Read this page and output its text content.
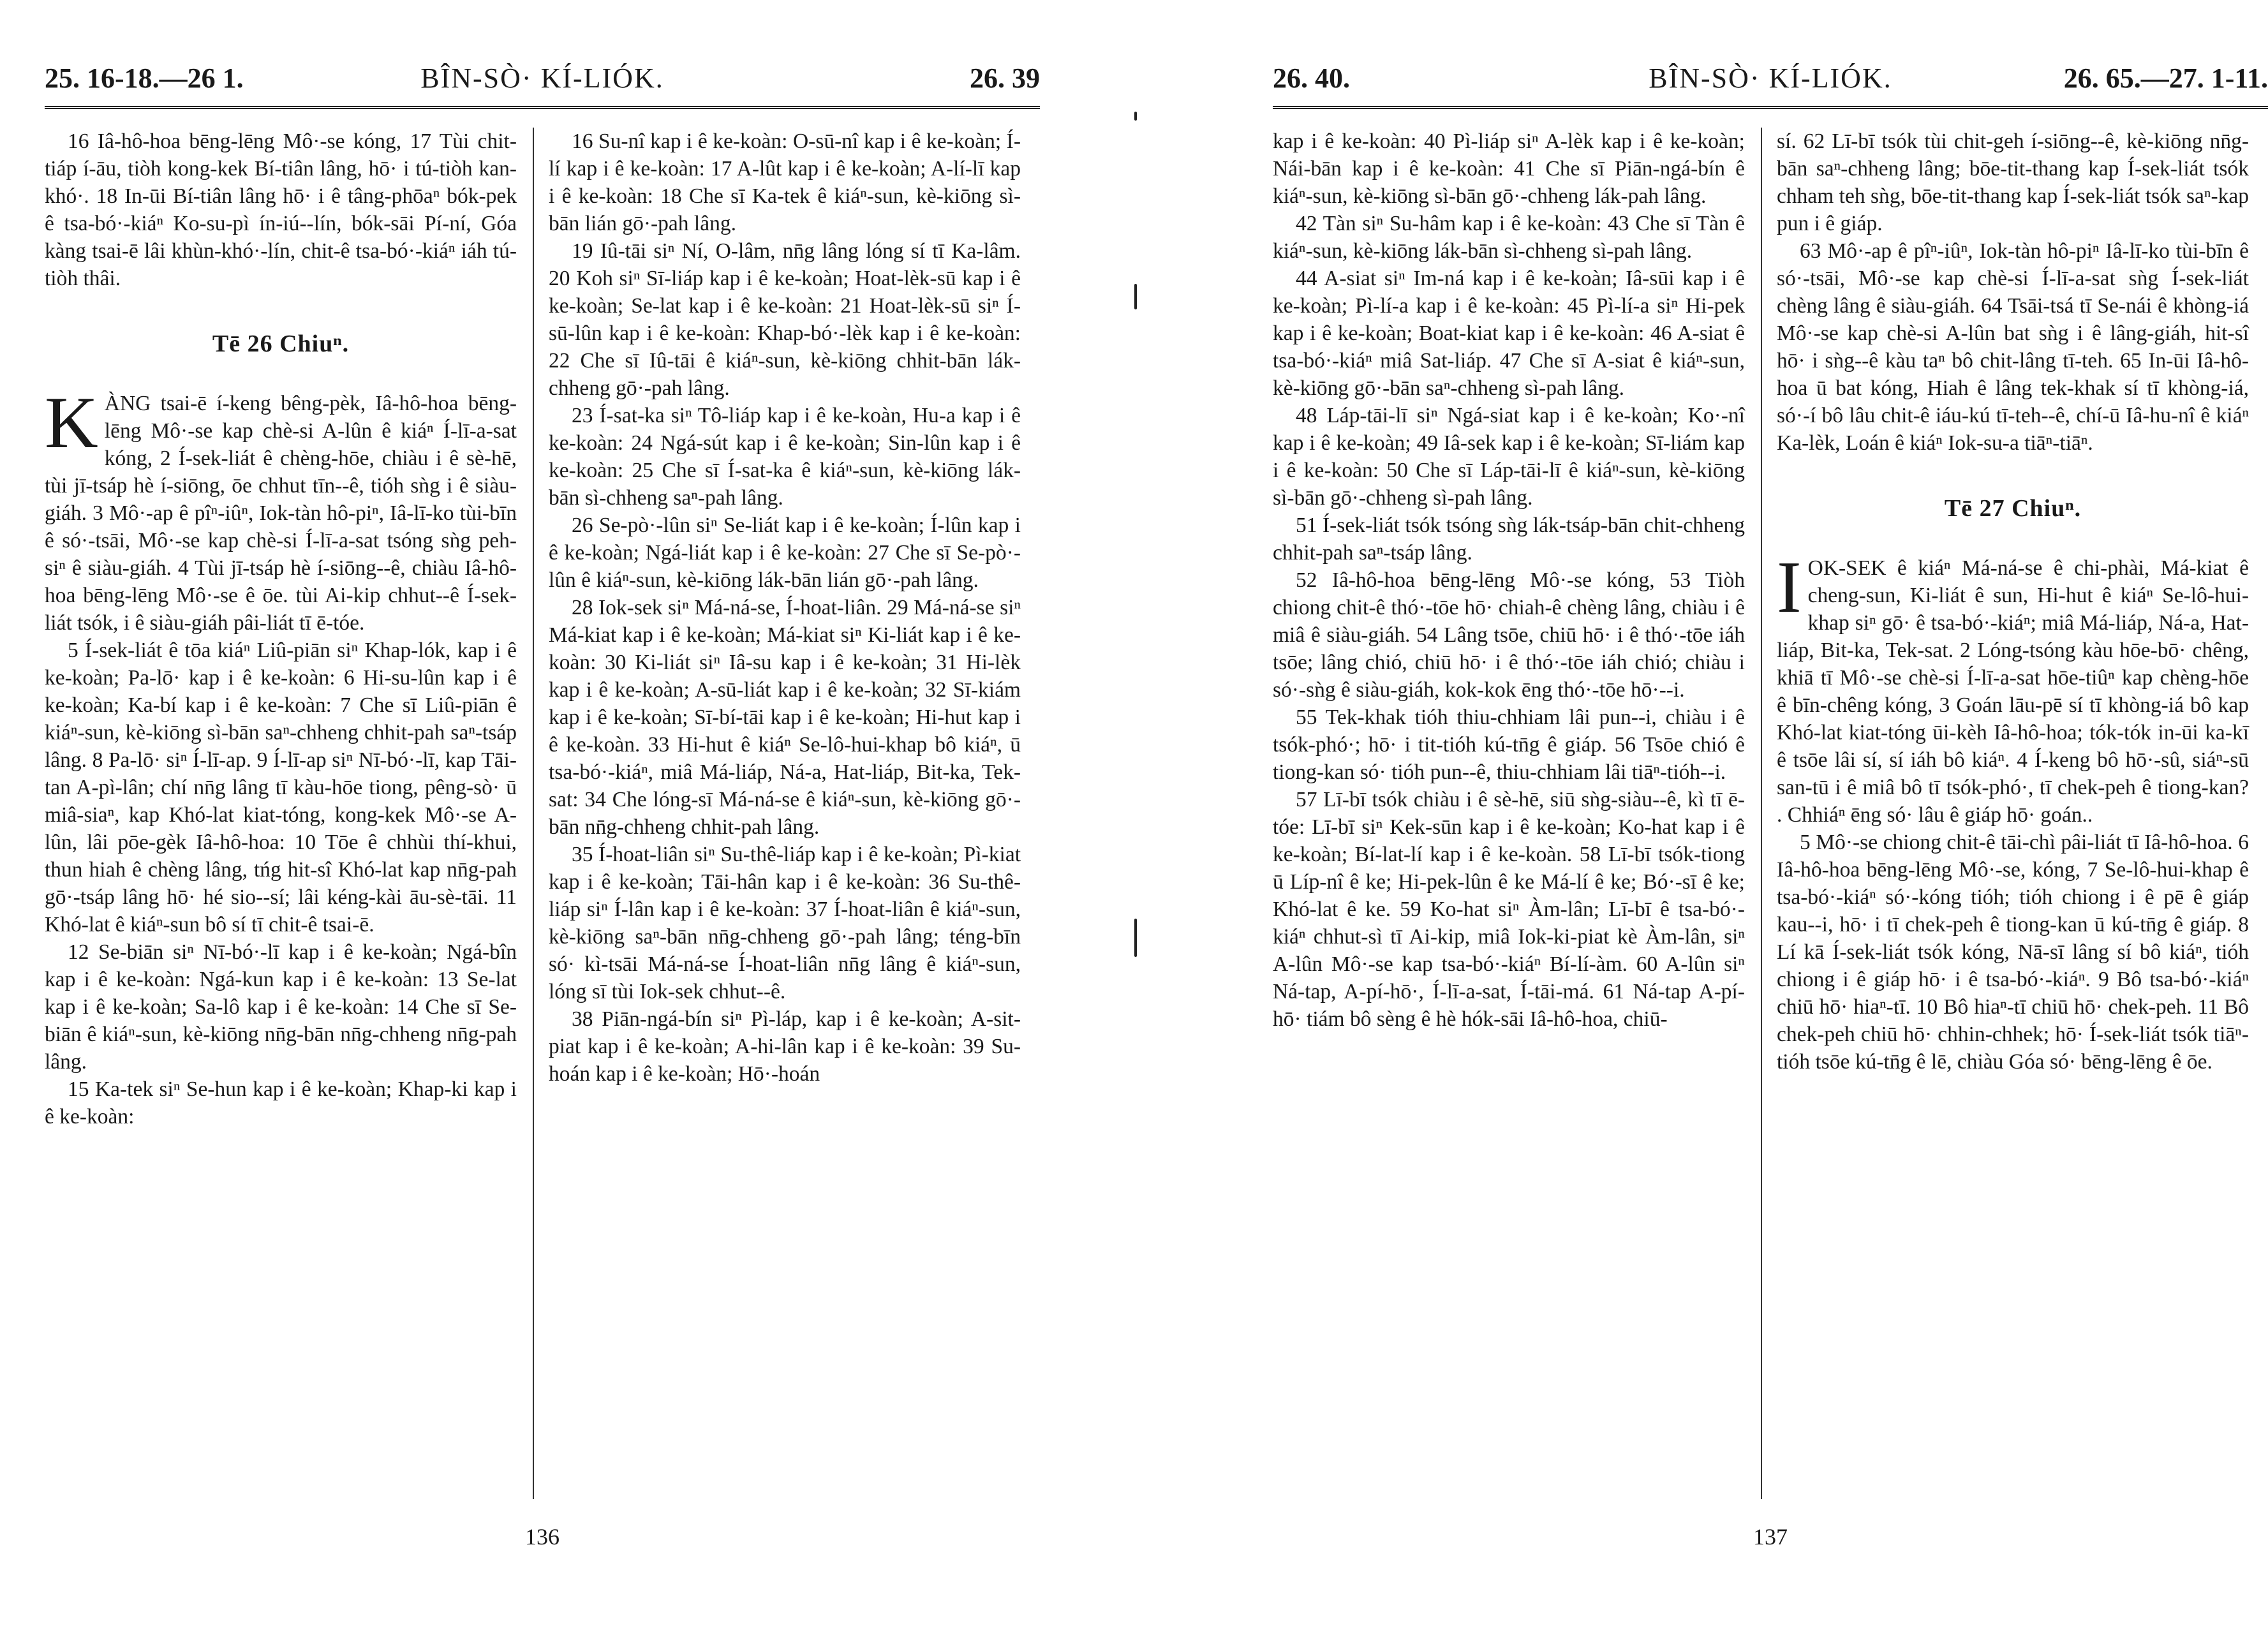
25. 16-18.—26 1.	BÎN-SÒ· KÍ-LIÓK.	26. 39

16 Iâ-hô-hoa bēng-lēng Mô·-se kóng, 17 Tùi chit-tiáp í-āu, tiòh kong-kek Bí-tiân lâng, hō· i tú-tiòh kan-khó·. 18 In-ūi Bí-tiân lâng hō· i ê tâng-phōaⁿ bók-pek ê tsa-bó·-kiáⁿ Ko-su-pì ín-iú--lín, bók-sāi Pí-ní, Góa kàng tsai-ē lâi khùn-khó·-lín, chit-ê tsa-bó·-kiáⁿ iáh tú-tiòh thâi.

Tē 26 Chiuⁿ.

KÀNG tsai-ē í-keng bêng-pèk, Iâ-hô-hoa bēng-lēng Mô·-se kap chè-si A-lûn ê kiáⁿ Í-lī-a-sat kóng, 2 Í-sek-liát ê chèng-hōe, chiàu i ê sè-hē, tùi jī-tsáp hè í-siōng, ōe chhut tīn--ê, tióh sǹg i ê siàu-giáh. 3 Mô·-ap ê pîⁿ-iûⁿ, Iok-tàn hô-piⁿ, Iâ-lī-ko tùi-bīn ê só·-tsāi, Mô·-se kap chè-si Í-lī-a-sat tsóng sǹg peh-siⁿ ê siàu-giáh. 4 Tùi jī-tsáp hè í-siōng--ê, chiàu Iâ-hô-hoa bēng-lēng Mô·-se ê ōe. tùi Ai-kip chhut--ê Í-sek-liát tsók, i ê siàu-giáh pâi-liát tī ē-tóe.

5 Í-sek-liát ê tōa kiáⁿ Liû-piān siⁿ Khap-lók, kap i ê ke-koàn; Pa-lō· kap i ê ke-koàn: 6 Hi-su-lûn kap i ê ke-koàn; Ka-bí kap i ê ke-koàn: 7 Che sī Liû-piān ê kiáⁿ-sun, kè-kiōng sì-bān saⁿ-chheng chhit-pah saⁿ-tsáp lâng. 8 Pa-lō· siⁿ Í-lī-ap. 9 Í-lī-ap siⁿ Nī-bó·-lī, kap Tāi-tan A-pì-lân; chí nn̄g lâng tī kàu-hōe tiong, pêng-sò· ū miâ-siaⁿ, kap Khó-lat kiat-tóng, kong-kek Mô·-se A-lûn, lâi pōe-gèk Iâ-hô-hoa: 10 Tōe ê chhùi thí-khui, thun hiah ê chèng lâng, tńg hit-sî Khó-lat kap nn̄g-pah gō·-tsáp lâng hō· hé sio--sí; lâi kéng-kài āu-sè-tāi. 11 Khó-lat ê kiáⁿ-sun bô sí tī chit-ê tsai-ē.

12 Se-biān siⁿ Nī-bó·-lī kap i ê ke-koàn; Ngá-bîn kap i ê ke-koàn: Ngá-kun kap i ê ke-koàn: 13 Se-lat kap i ê ke-koàn; Sa-lô kap i ê ke-koàn: 14 Che sī Se-biān ê kiáⁿ-sun, kè-kiōng nn̄g-bān nn̄g-chheng nn̄g-pah lâng.

15 Ka-tek siⁿ Se-hun kap i ê ke-koàn; Khap-ki kap i ê ke-koàn:

16 Su-nî kap i ê ke-koàn: O-sū-nî kap i ê ke-koàn; Í-lí kap i ê ke-koàn: 17 A-lût kap i ê ke-koàn; A-lí-lī kap i ê ke-koàn: 18 Che sī Ka-tek ê kiáⁿ-sun, kè-kiōng sì-bān lián gō·-pah lâng.

19 Iû-tāi siⁿ Ní, O-lâm, nn̄g lâng lóng sí tī Ka-lâm. 20 Koh siⁿ Sī-liáp kap i ê ke-koàn; Hoat-lèk-sū kap i ê ke-koàn; Se-lat kap i ê ke-koàn: 21 Hoat-lèk-sū siⁿ Í-sū-lûn kap i ê ke-koàn: Khap-bó·-lèk kap i ê ke-koàn: 22 Che sī Iû-tāi ê kiáⁿ-sun, kè-kiōng chhit-bān lák-chheng gō·-pah lâng.

23 Í-sat-ka siⁿ Tô-liáp kap i ê ke-koàn, Hu-a kap i ê ke-koàn: 24 Ngá-sút kap i ê ke-koàn; Sin-lûn kap i ê ke-koàn: 25 Che sī Í-sat-ka ê kiáⁿ-sun, kè-kiōng lák-bān sì-chheng saⁿ-pah lâng.

26 Se-pò·-lûn siⁿ Se-liát kap i ê ke-koàn; Í-lûn kap i ê ke-koàn; Ngá-liát kap i ê ke-koàn: 27 Che sī Se-pò·-lûn ê kiáⁿ-sun, kè-kiōng lák-bān lián gō·-pah lâng.

28 Iok-sek siⁿ Má-ná-se, Í-hoat-liân. 29 Má-ná-se siⁿ Má-kiat kap i ê ke-koàn; Má-kiat siⁿ Ki-liát kap i ê ke-koàn: 30 Ki-liát siⁿ Iâ-su kap i ê ke-koàn; 31 Hi-lèk kap i ê ke-koàn; A-sū-liát kap i ê ke-koàn; 32 Sī-kiám kap i ê ke-koàn; Sī-bí-tāi kap i ê ke-koàn; Hi-hut kap i ê ke-koàn. 33 Hi-hut ê kiáⁿ Se-lô-hui-khap bô kiáⁿ, ū tsa-bó·-kiáⁿ, miâ Má-liáp, Ná-a, Hat-liáp, Bit-ka, Tek-sat: 34 Che lóng-sī Má-ná-se ê kiáⁿ-sun, kè-kiōng gō·-bān nn̄g-chheng chhit-pah lâng.

35 Í-hoat-liân siⁿ Su-thê-liáp kap i ê ke-koàn; Pì-kiat kap i ê ke-koàn; Tāi-hân kap i ê ke-koàn: 36 Su-thê-liáp siⁿ Í-lân kap i ê ke-koàn: 37 Í-hoat-liân ê kiáⁿ-sun, kè-kiōng saⁿ-bān nn̄g-chheng gō·-pah lâng; téng-bīn só· kì-tsāi Má-ná-se Í-hoat-liân nn̄g lâng ê kiáⁿ-sun, lóng sī tùi Iok-sek chhut--ê.

38 Piān-ngá-bín siⁿ Pì-láp, kap i ê ke-koàn; A-sit-piat kap i ê ke-koàn; A-hi-lân kap i ê ke-koàn: 39 Su-hoán kap i ê ke-koàn; Hō·-hoán

136
26. 40.	BÎN-SÒ· KÍ-LIÓK.	26. 65.—27. 1-11.

kap i ê ke-koàn: 40 Pì-liáp siⁿ A-lèk kap i ê ke-koàn; Nái-bān kap i ê ke-koàn: 41 Che sī Piān-ngá-bín ê kiáⁿ-sun, kè-kiōng sì-bān gō·-chheng lák-pah lâng.

42 Tàn siⁿ Su-hâm kap i ê ke-koàn: 43 Che sī Tàn ê kiáⁿ-sun, kè-kiōng lák-bān sì-chheng sì-pah lâng.

44 A-siat siⁿ Im-ná kap i ê ke-koàn; Iâ-sūi kap i ê ke-koàn; Pì-lí-a kap i ê ke-koàn: 45 Pì-lí-a siⁿ Hi-pek kap i ê ke-koàn; Boat-kiat kap i ê ke-koàn: 46 A-siat ê tsa-bó·-kiáⁿ miâ Sat-liáp. 47 Che sī A-siat ê kiáⁿ-sun, kè-kiōng gō·-bān saⁿ-chheng sì-pah lâng.

48 Láp-tāi-lī siⁿ Ngá-siat kap i ê ke-koàn; Ko·-nî kap i ê ke-koàn; 49 Iâ-sek kap i ê ke-koàn; Sī-liám kap i ê ke-koàn: 50 Che sī Láp-tāi-lī ê kiáⁿ-sun, kè-kiōng sì-bān gō·-chheng sì-pah lâng.

51 Í-sek-liát tsók tsóng sǹg lák-tsáp-bān chit-chheng chhit-pah saⁿ-tsáp lâng.

52 Iâ-hô-hoa bēng-lēng Mô·-se kóng, 53 Tiòh chiong chit-ê thó·-tōe hō· chiah-ê chèng lâng, chiàu i ê miâ ê siàu-giáh. 54 Lâng tsōe, chiū hō· i ê thó·-tōe iáh tsōe; lâng chió, chiū hō· i ê thó·-tōe iáh chió; chiàu i só·-sǹg ê siàu-giáh, kok-kok ēng thó·-tōe hō·--i.

55 Tek-khak tióh thiu-chhiam lâi pun--i, chiàu i ê tsók-phó·; hō· i tit-tióh kú-tn̄g ê giáp. 56 Tsōe chió ê tiong-kan só· tióh pun--ê, thiu-chhiam lâi tiāⁿ-tióh--i.

57 Lī-bī tsók chiàu i ê sè-hē, siū sǹg-siàu--ê, kì tī ē-tóe: Lī-bī siⁿ Kek-sūn kap i ê ke-koàn; Ko-hat kap i ê ke-koàn; Bí-lat-lí kap i ê ke-koàn. 58 Lī-bī tsók-tiong ū Líp-nî ê ke; Hi-pek-lûn ê ke Má-lí ê ke; Bó·-sī ê ke; Khó-lat ê ke. 59 Ko-hat siⁿ Àm-lân; Lī-bī ê tsa-bó·-kiáⁿ chhut-sì tī Ai-kip, miâ Iok-ki-piat kè Àm-lân, siⁿ A-lûn Mô·-se kap tsa-bó·-kiáⁿ Bí-lí-àm. 60 A-lûn siⁿ Ná-tap, A-pí-hō·, Í-lī-a-sat, Í-tāi-má. 61 Ná-tap A-pí-hō· tiám bô sèng ê hè hók-sāi Iâ-hô-hoa, chiū-

sí. 62 Lī-bī tsók tùi chit-geh í-siōng--ê, kè-kiōng nn̄g-bān saⁿ-chheng lâng; bōe-tit-thang kap Í-sek-liát tsók chham teh sǹg, bōe-tit-thang kap Í-sek-liát tsók saⁿ-kap pun i ê giáp.

63 Mô·-ap ê pîⁿ-iûⁿ, Iok-tàn hô-piⁿ Iâ-lī-ko tùi-bīn ê só·-tsāi, Mô·-se kap chè-si Í-lī-a-sat sǹg Í-sek-liát chèng lâng ê siàu-giáh. 64 Tsāi-tsá tī Se-nái ê khòng-iá Mô·-se kap chè-si A-lûn bat sǹg i ê lâng-giáh, hit-sî hō· i sǹg--ê kàu taⁿ bô chit-lâng tī-teh. 65 In-ūi Iâ-hô-hoa ū bat kóng, Hiah ê lâng tek-khak sí tī khòng-iá, só·-í bô lâu chit-ê iáu-kú tī-teh--ê, chí-ū Iâ-hu-nî ê kiáⁿ Ka-lèk, Loán ê kiáⁿ Iok-su-a tiāⁿ-tiāⁿ.

Tē 27 Chiuⁿ.

IOK-SEK ê kiáⁿ Má-ná-se ê chi-phài, Má-kiat ê cheng-sun, Ki-liát ê sun, Hi-hut ê kiáⁿ Se-lô-hui-khap siⁿ gō· ê tsa-bó·-kiáⁿ; miâ Má-liáp, Ná-a, Hat-liáp, Bit-ka, Tek-sat. 2 Lóng-tsóng kàu hōe-bō· chêng, khiā tī Mô·-se chè-si Í-lī-a-sat hōe-tiûⁿ kap chèng-hōe ê bīn-chêng kóng, 3 Goán lāu-pē sí tī khòng-iá bô kap Khó-lat kiat-tóng ūi-kèh Iâ-hô-hoa; tók-tók in-ūi ka-kī ê tsōe lâi sí, sí iáh bô kiáⁿ. 4 Í-keng bô hō·-sû, siáⁿ-sū san-tū i ê miâ bô tī tsók-phó·, tī chek-peh ê tiong-kan? . Chhiáⁿ ēng só· lâu ê giáp hō· goán..

5 Mô·-se chiong chit-ê tāi-chì pâi-liát tī Iâ-hô-hoa. 6 Iâ-hô-hoa bēng-lēng Mô·-se, kóng, 7 Se-lô-hui-khap ê tsa-bó·-kiáⁿ só·-kóng tióh; tióh chiong i ê pē ê giáp kau--i, hō· i tī chek-peh ê tiong-kan ū kú-tn̄g ê giáp. 8 Lí kā Í-sek-liát tsók kóng, Nā-sī lâng sí bô kiáⁿ, tióh chiong i ê giáp hō· i ê tsa-bó·-kiáⁿ. 9 Bô tsa-bó·-kiáⁿ chiū hō· hiaⁿ-tī. 10 Bô hiaⁿ-tī chiū hō· chek-peh. 11 Bô chek-peh chiū hō· chhin-chhek; hō· Í-sek-liát tsók tiāⁿ-tióh tsōe kú-tn̄g ê lē, chiàu Góa só· bēng-lēng ê ōe.

137
